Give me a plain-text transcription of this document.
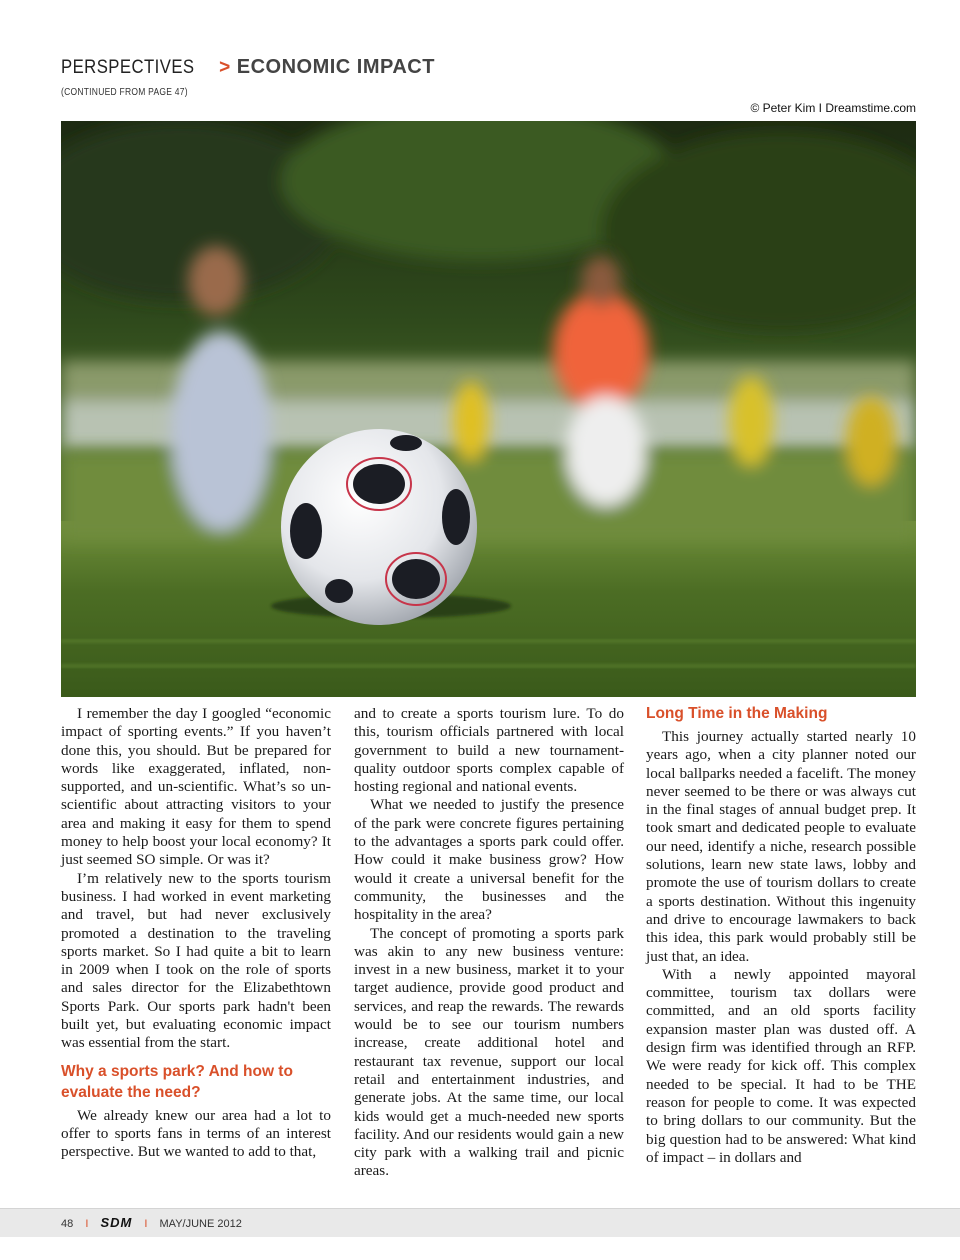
PERSPECTIVES > ECONOMIC IMPACT
(CONTINUED FROM PAGE 47)
© Peter Kim I Dreamstime.com

I remember the day I googled “economic impact of sporting events.” If you haven’t done this, you should. But be prepared for words like exaggerated, inflated, non-supported, and un-scientific. What’s so un-scientific about attracting visitors to your area and making it easy for them to spend money to help boost your local economy? It just seemed SO simple. Or was it?

I’m relatively new to the sports tourism business. I had worked in event marketing and travel, but had never exclusively promoted a destination to the traveling sports market. So I had quite a bit to learn in 2009 when I took on the role of sports and sales director for the Elizabethtown Sports Park. Our sports park hadn't been built yet, but evaluating economic impact was essential from the start.

Why a sports park? And how to evaluate the need?

We already knew our area had a lot to offer to sports fans in terms of an interest perspective. But we wanted to add to that,

and to create a sports tourism lure. To do this, tourism officials partnered with local government to build a new tournament-quality outdoor sports complex capable of hosting regional and national events.

What we needed to justify the presence of the park were concrete figures pertaining to the advantages a sports park could offer. How could it make business grow? How would it create a universal benefit for the community, the businesses and the hospitality in the area?

The concept of promoting a sports park was akin to any new business venture: invest in a new business, market it to your target audience, provide good product and services, and reap the rewards. The rewards would be to see our tourism numbers increase, create additional hotel and restaurant tax revenue, support our local retail and entertainment industries, and generate jobs. At the same time, our local kids would get a much-needed new sports facility. And our residents would gain a new city park with a walking trail and picnic areas.

Long Time in the Making

This journey actually started nearly 10 years ago, when a city planner noted our local ballparks needed a facelift. The money never seemed to be there or was always cut in the final stages of annual budget prep. It took smart and dedicated people to evaluate our need, identify a niche, research possible solutions, learn new state laws, lobby and promote the use of tourism dollars to create a sports destination. Without this ingenuity and drive to encourage lawmakers to back this idea, this park would probably still be just that, an idea.

With a newly appointed mayoral committee, tourism tax dollars were committed, and an old sports facility expansion master plan was dusted off. A design firm was identified through an RFP. We were ready for kick off. This complex needed to be special. It had to be THE reason for people to come. It was expected to bring dollars to our community. But the big question had to be answered: What kind of impact – in dollars and

48 I SDM I MAY/JUNE 2012
